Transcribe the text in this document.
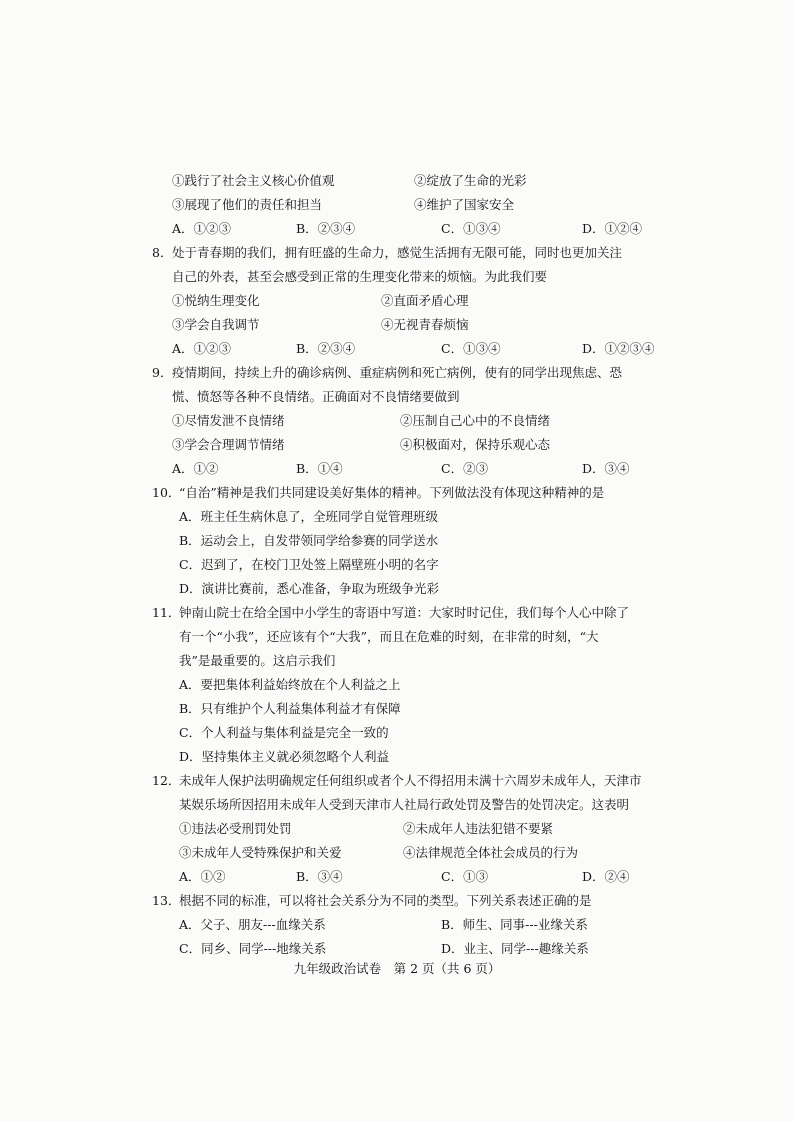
①践行了社会主义核心价值观	②绽放了生命的光彩
③展现了他们的责任和担当	④维护了国家安全
A．①②③	B．②③④	C．①③④	D．①②④
8． 处于青春期的我们，拥有旺盛的生命力，感觉生活拥有无限可能，同时也更加关注
自己的外表，甚至会感受到正常的生理变化带来的烦恼。为此我们要
①悦纳生理变化	②直面矛盾心理
③学会自我调节	④无视青春烦恼
A．①②③	B．②③④	C．①③④	D．①②③④
9． 疫情期间，持续上升的确诊病例、重症病例和死亡病例，使有的同学出现焦虑、恐
慌、愤怒等各种不良情绪。正确面对不良情绪要做到
①尽情发泄不良情绪	②压制自己心中的不良情绪
③学会合理调节情绪	④积极面对，保持乐观心态
A．①②	B．①④	C．②③	D．③④
10．
“自治”精神是我们共同建设美好集体的精神。下列做法没有体现这种精神的是
A．班主任生病休息了，全班同学自觉管理班级
B．运动会上，自发带领同学给参赛的同学送水
C．迟到了，在校门卫处签上隔壁班小明的名字
D．演讲比赛前，悉心准备，争取为班级争光彩
11．
钟南山院士在给全国中小学生的寄语中写道：大家时时记住，我们每个人心中除了
有一个“小我”，还应该有个“大我”，而且在危难的时刻，在非常的时刻，“大
我”是最重要的。这启示我们
A．要把集体利益始终放在个人利益之上
B．只有维护个人利益集体利益才有保障
C．个人利益与集体利益是完全一致的
D．坚持集体主义就必须忽略个人利益
12．
未成年人保护法明确规定任何组织或者个人不得招用未满十六周岁未成年人，天津市
某娱乐场所因招用未成年人受到天津市人社局行政处罚及警告的处罚决定。这表明
①违法必受刑罚处罚	②未成年人违法犯错不要紧
③未成年人受特殊保护和关爱	④法律规范全体社会成员的行为
A．①②	B．③④	C．①③	D．②④
13．
根据不同的标准，可以将社会关系分为不同的类型。下列关系表述正确的是
A．父子、朋友---血缘关系	B．师生、同事---业缘关系
C．同乡、同学---地缘关系	D．业主、同学---趣缘关系
九年级政治试卷　第 2 页（共 6 页）
